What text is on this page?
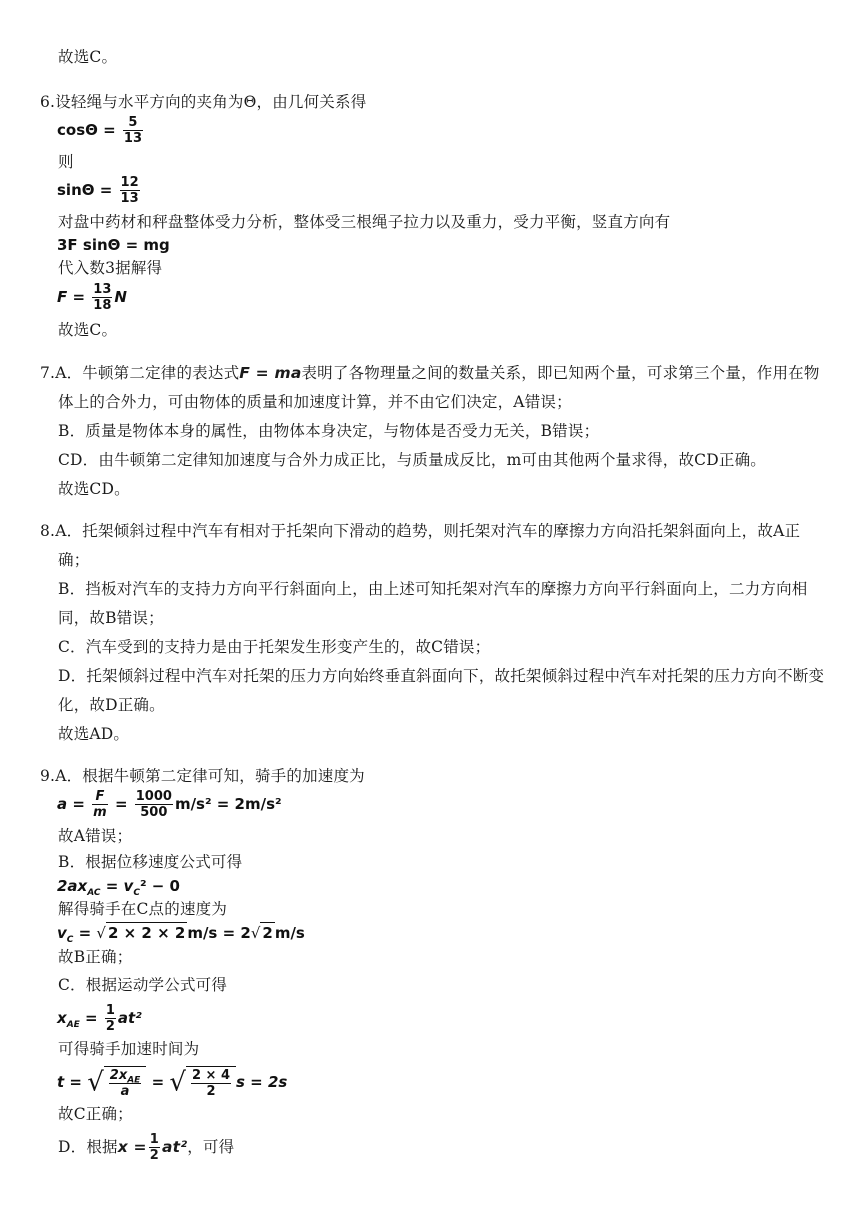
故选C。
6.设轻绳与水平方向的夹角为Θ，由几何关系得
$\cos\Theta = \frac{5}{13}$
则
$\sin\Theta = \frac{12}{13}$
对盘中药材和秤盘整体受力分析，整体受三根绳子拉力以及重力，受力平衡，竖直方向有
3F sinΘ = mg
代入数3据解得
$F = \frac{13}{18}$ N
故选C。
7.A．牛顿第二定律的表达式F = ma表明了各物理量之间的数量关系，即已知两个量，可求第三个量，作用在物
体上的合外力，可由物体的质量和加速度计算，并不由它们决定，A错误；
B．质量是物体本身的属性，由物体本身决定，与物体是否受力无关，B错误；
CD．由牛顿第二定律知加速度与合外力成正比，与质量成反比，m可由其他两个量求得，故CD正确。
故选CD。
8.A．托架倾斜过程中汽车有相对于托架向下滑动的趋势，则托架对汽车的摩擦力方向沿托架斜面向上，故A正
确；
B．挡板对汽车的支持力方向平行斜面向上，由上述可知托架对汽车的摩擦力方向平行斜面向上，二力方向相
同，故B错误；
C．汽车受到的支持力是由于托架发生形变产生的，故C错误；
D．托架倾斜过程中汽车对托架的压力方向始终垂直斜面向下，故托架倾斜过程中汽车对托架的压力方向不断变
化，故D正确。
故选AD。
9.A．根据牛顿第二定律可知，骑手的加速度为
$a = \frac{F}{m} = \frac{1000}{500} m/s^2 = 2m/s^2$
故A错误；
B．根据位移速度公式可得
$2ax_{AC} = v_C^2 - 0$
解得骑手在C点的速度为
$v_C$ = √ 2 × 2 × 2 m/s = 2√ 2 m/s
故B正确；
C．根据运动学公式可得
$x_{AE} = \frac{1}{2} at^2$
可得骑手加速时间为
t = √ $\frac{2x_{AE}}{a}$ = √ $\frac{2 \times 4}{2}$ s = 2s
故C正确；
D．根据$x = \frac{1}{2} at^2$，可得
